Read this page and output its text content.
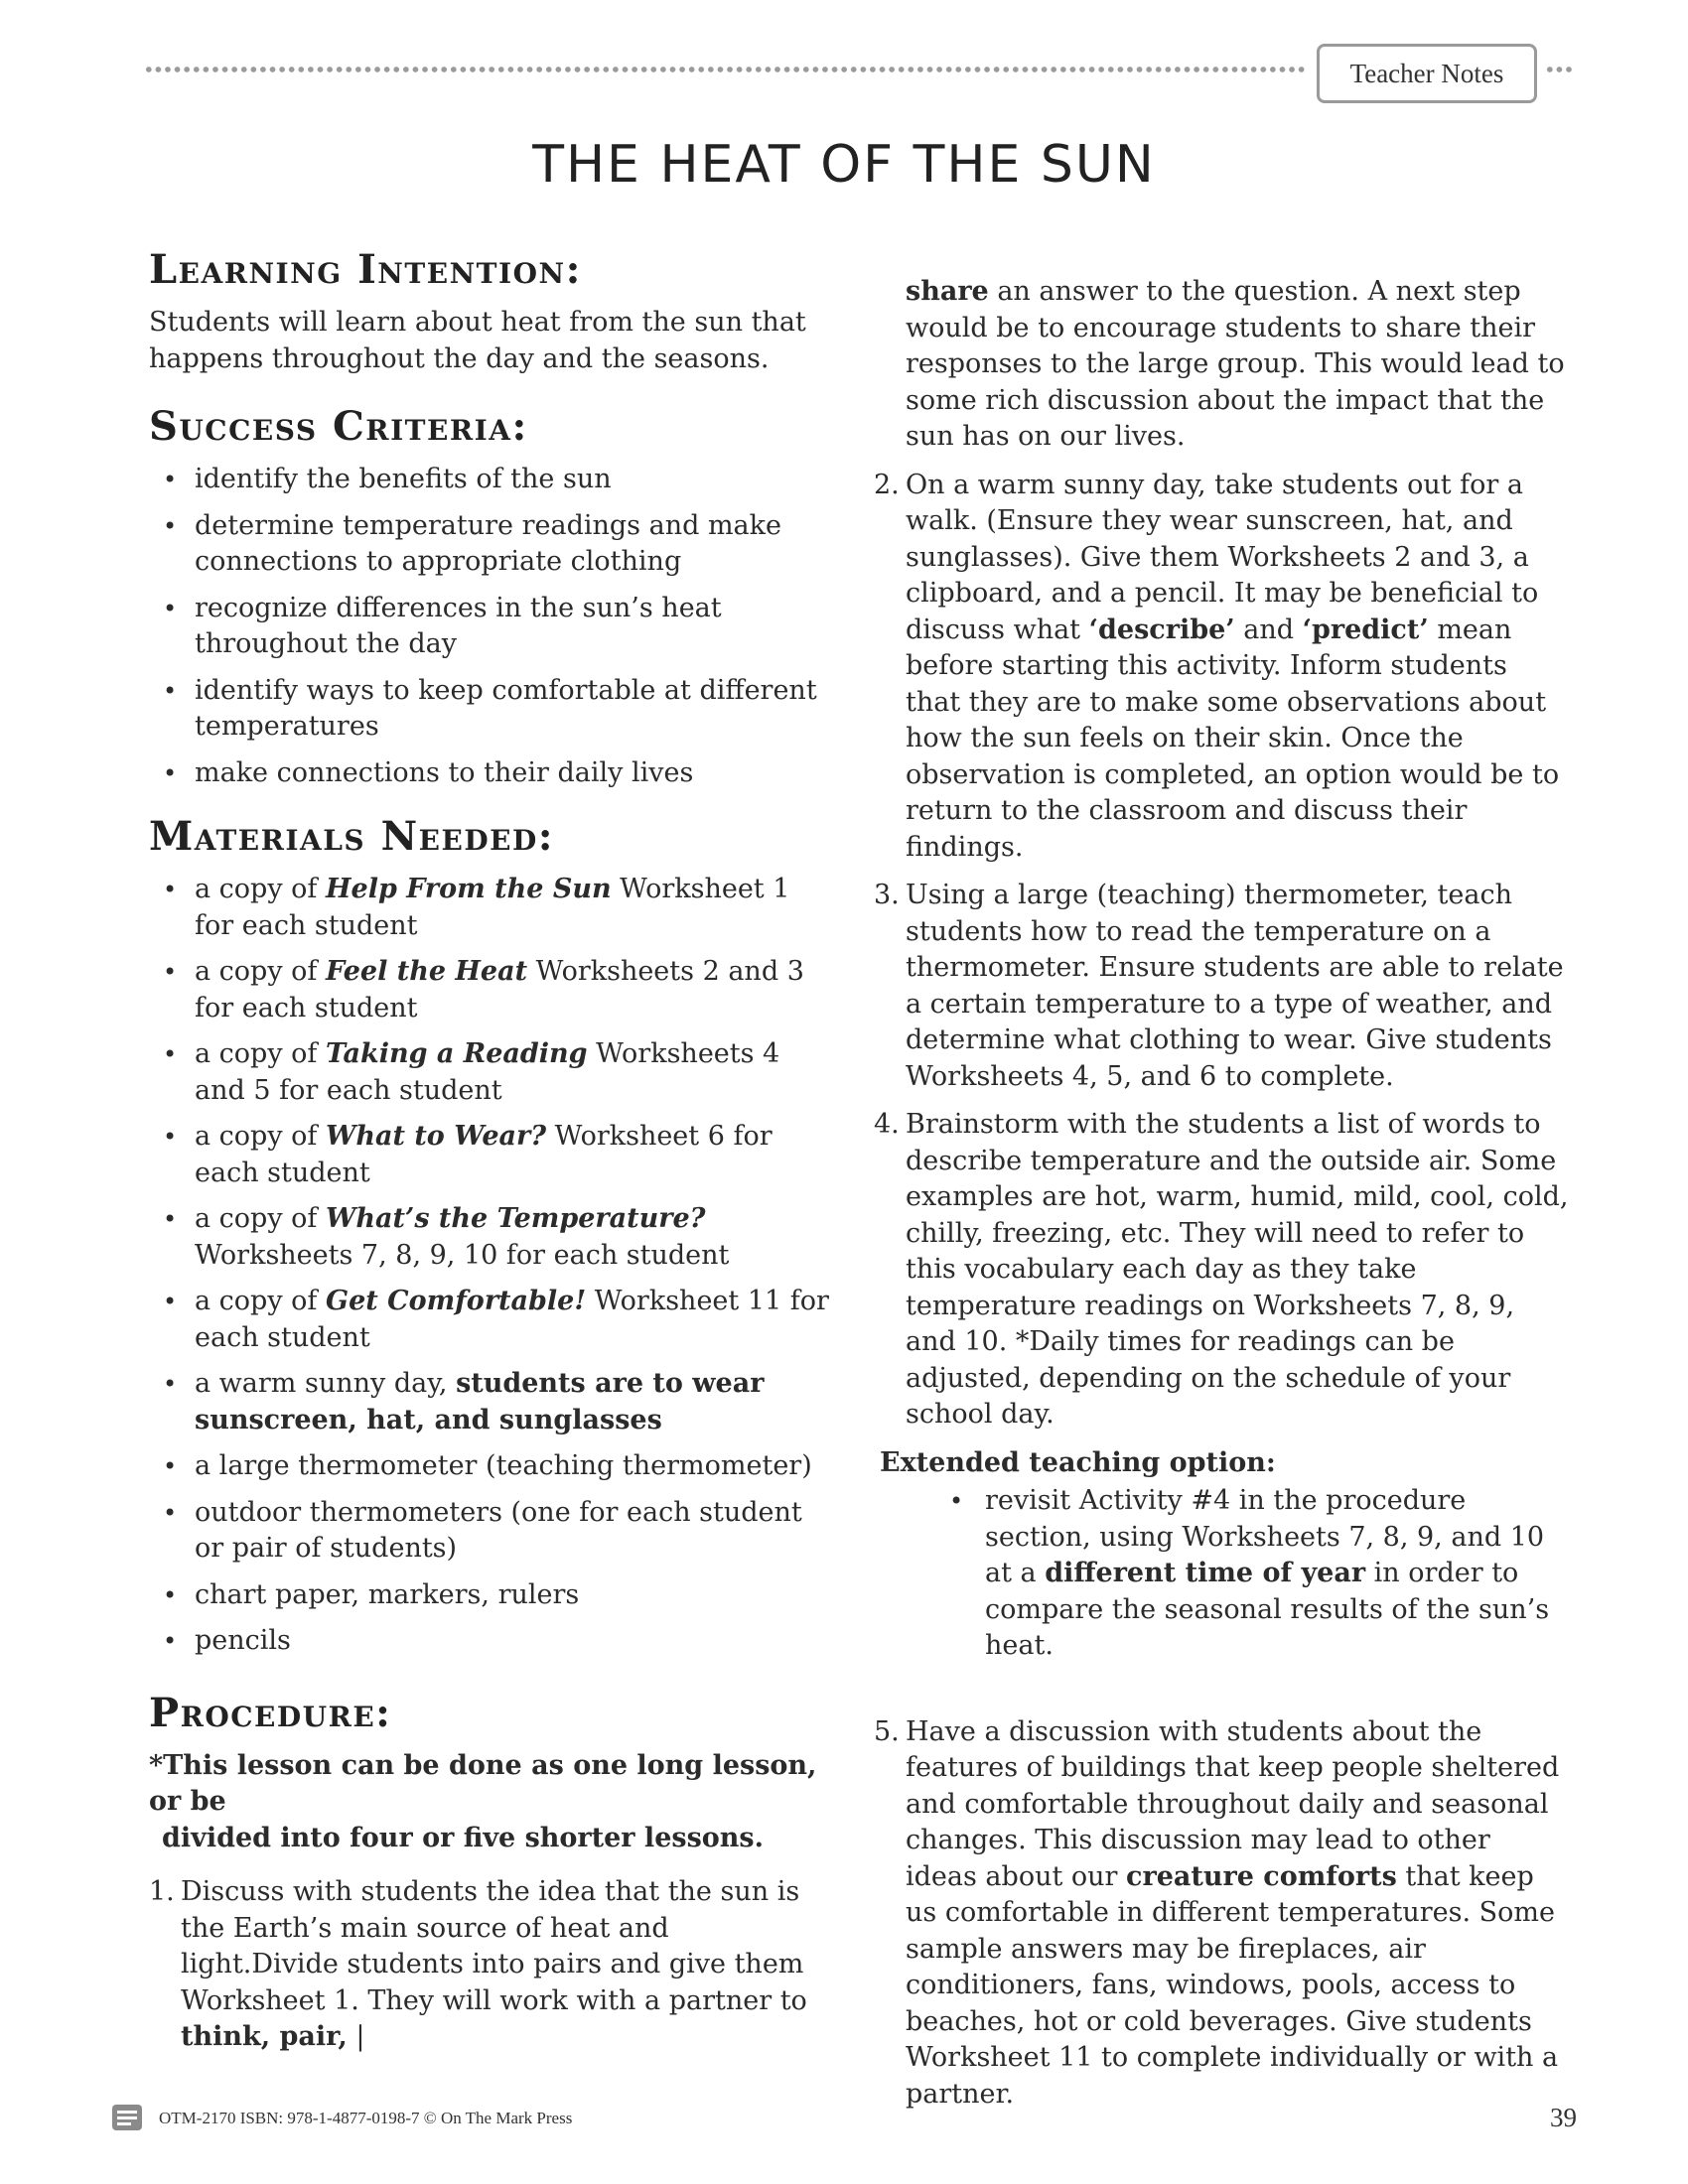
Teacher Notes
THE HEAT OF THE SUN
Learning Intention:

Students will learn about heat from the sun that happens throughout the day and the seasons.

Success Criteria:
• identify the benefits of the sun
• determine temperature readings and make connections to appropriate clothing
• recognize differences in the sun’s heat throughout the day
• identify ways to keep comfortable at different temperatures
• make connections to their daily lives
Materials Needed:
• a copy of Help From the Sun Worksheet 1 for each student
• a copy of Feel the Heat Worksheets 2 and 3 for each student
• a copy of Taking a Reading Worksheets 4 and 5 for each student
• a copy of What to Wear? Worksheet 6 for each student
• a copy of What’s the Temperature? Worksheets 7, 8, 9, 10 for each student
• a copy of Get Comfortable! Worksheet 11 for each student
• a warm sunny day, students are to wear sunscreen, hat, and sunglasses
• a large thermometer (teaching thermometer)
• outdoor thermometers (one for each student or pair of students)
• chart paper, markers, rulers
• pencils
Procedure:

*This lesson can be done as one long lesson, or be
divided into four or five shorter lessons.

1. Discuss with students the idea that the sun is the Earth’s main source of heat and light.Divide students into pairs and give them Worksheet 1. They will work with a partner to think, pair, |

share an answer to the question. A next step would be to encourage students to share their responses to the large group. This would lead to some rich discussion about the impact that the sun has on our lives.

2. On a warm sunny day, take students out for a walk. (Ensure they wear sunscreen, hat, and sunglasses). Give them Worksheets 2 and 3, a clipboard, and a pencil. It may be beneficial to discuss what ‘describe’ and ‘predict’ mean before starting this activity. Inform students that they are to make some observations about how the sun feels on their skin. Once the observation is completed, an option would be to return to the classroom and discuss their findings.
3. Using a large (teaching) thermometer, teach students how to read the temperature on a thermometer. Ensure students are able to relate a certain temperature to a type of weather, and determine what clothing to wear. Give students Worksheets 4, 5, and 6 to complete.
4. Brainstorm with the students a list of words to describe temperature and the outside air. Some examples are hot, warm, humid, mild, cool, cold, chilly, freezing, etc. They will need to refer to this vocabulary each day as they take temperature readings on Worksheets 7, 8, 9, and 10. *Daily times for readings can be adjusted, depending on the schedule of your school day.

Extended teaching option:

• revisit Activity #4 in the procedure section, using Worksheets 7, 8, 9, and 10 at a different time of year in order to compare the seasonal results of the sun’s heat.
5. Have a discussion with students about the features of buildings that keep people sheltered and comfortable throughout daily and seasonal changes. This discussion may lead to other ideas about our creature comforts that keep us comfortable in different temperatures. Some sample answers may be fireplaces, air conditioners, fans, windows, pools, access to beaches, hot or cold beverages. Give students Worksheet 11 to complete individually or with a partner.
OTM-2170 ISBN: 978-1-4877-0198-7 © On The Mark Press	39
